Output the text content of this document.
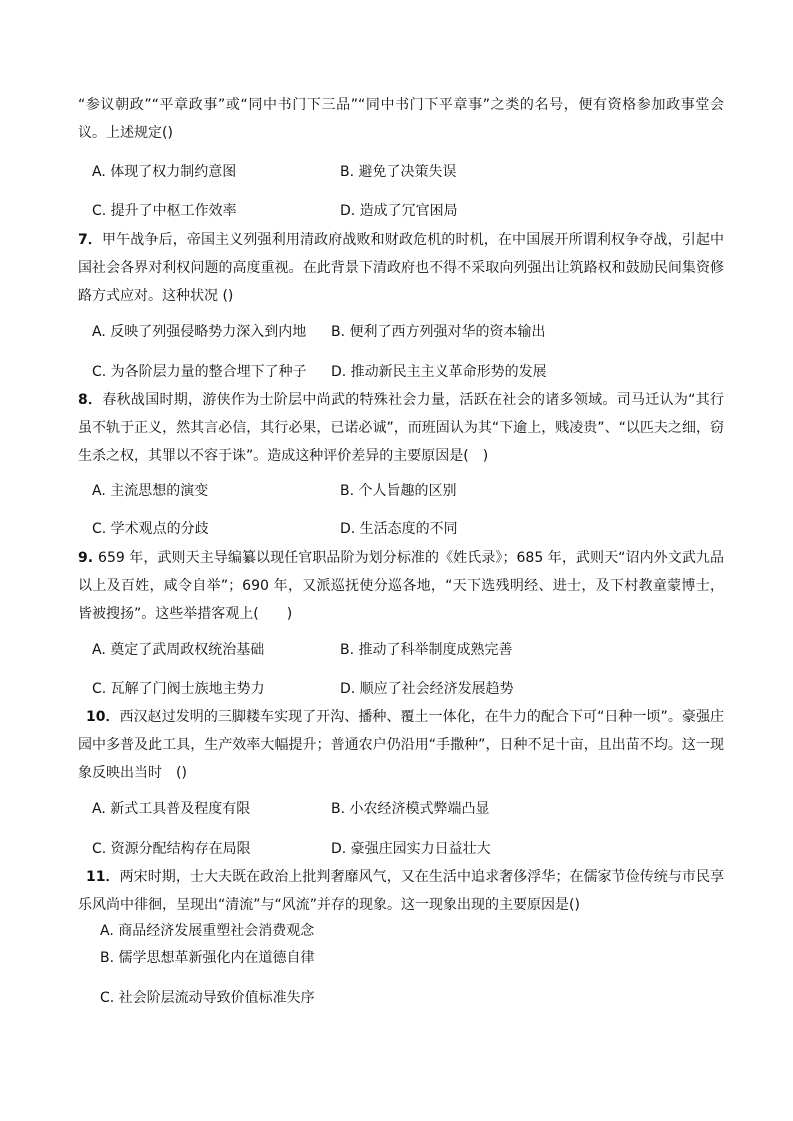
“参议朝政”“平章政事”或“同中书门下三品”“同中书门下平章事”之类的名号，便有资格参加政事堂会议。上述规定()

A. 体现了权力制约意图	B. 避免了决策失误
C. 提升了中枢工作效率	D. 造成了冗官困局

7．甲午战争后，帝国主义列强利用清政府战败和财政危机的时机，在中国展开所谓利权争夺战，引起中国社会各界对利权问题的高度重视。在此背景下清政府也不得不采取向列强出让筑路权和鼓励民间集资修路方式应对。这种状况 ()

A. 反映了列强侵略势力深入到内地 B. 便利了西方列强对华的资本输出
C. 为各阶层力量的整合埋下了种子 D. 推动新民主主义革命形势的发展

8．春秋战国时期，游侠作为士阶层中尚武的特殊社会力量，活跃在社会的诸多领域。司马迁认为“其行虽不轨于正义，然其言必信，其行必果，已诺必诚”，而班固认为其“下逾上，贱凌贵”、“以匹夫之细，窃生杀之权，其罪以不容于诛”。造成这种评价差异的主要原因是(　)

A. 主流思想的演变	B. 个人旨趣的区别
C. 学术观点的分歧	D. 生活态度的不同

9. 659 年，武则天主导编纂以现任官职品阶为划分标准的《姓氏录》；685 年，武则天“诏内外文武九品以上及百姓，咸令自举”；690 年，又派巡抚使分巡各地，“天下选残明经、进士，及下村教童蒙博士，皆被搜扬”。这些举措客观上(　　)

A. 奠定了武周政权统治基础	B. 推动了科举制度成熟完善
C. 瓦解了门阀士族地主势力	D. 顺应了社会经济发展趋势

10．西汉赵过发明的三脚耧车实现了开沟、播种、覆土一体化，在牛力的配合下可“日种一顷”。豪强庄园中多普及此工具，生产效率大幅提升；普通农户仍沿用“手撒种”，日种不足十亩，且出苗不均。这一现象反映出当时　()

A. 新式工具普及程度有限	B. 小农经济模式弊端凸显
C. 资源分配结构存在局限	D. 豪强庄园实力日益壮大

11．两宋时期，士大夫既在政治上批判奢靡风气，又在生活中追求奢侈浮华；在儒家节俭传统与市民享乐风尚中徘徊，呈现出“清流”与“风流”并存的现象。这一现象出现的主要原因是()

A. 商品经济发展重塑社会消费观念
B. 儒学思想革新强化内在道德自律
C. 社会阶层流动导致价值标准失序
